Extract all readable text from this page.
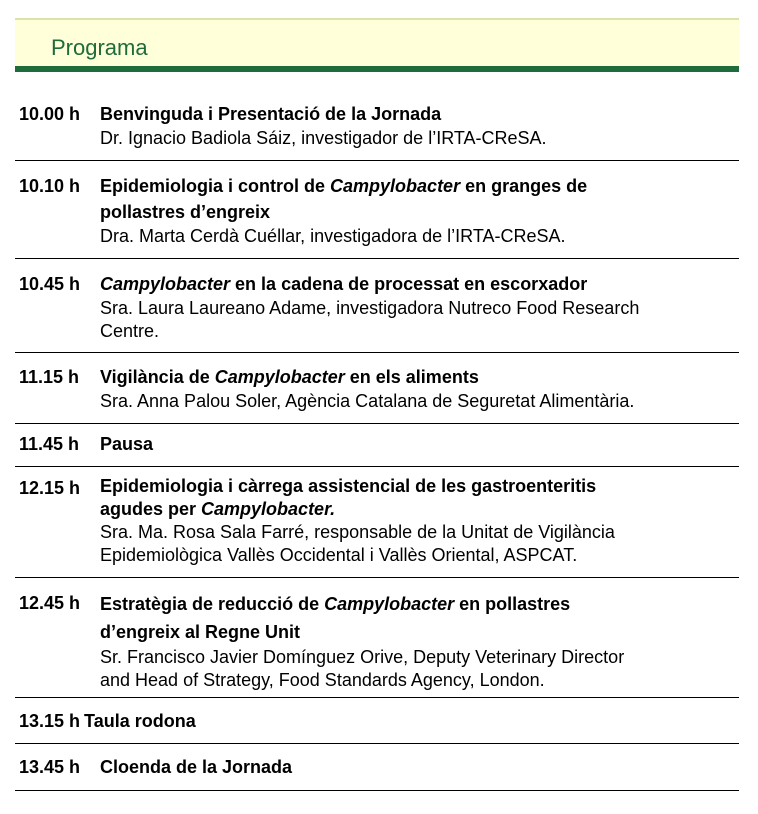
Programa
10.00 h Benvinguda i Presentació de la Jornada
Dr. Ignacio Badiola Sáiz, investigador de l’IRTA-CReSA.
10.10 h Epidemiologia i control de Campylobacter en granges de
pollastres d’engreix
Dra. Marta Cerdà Cuéllar, investigadora de l’IRTA-CReSA.
10.45 h Campylobacter en la cadena de processat en escorxador
Sra. Laura Laureano Adame, investigadora Nutreco Food Research
Centre.
11.15 h Vigilància de Campylobacter en els aliments
Sra. Anna Palou Soler, Agència Catalana de Seguretat Alimentària.
11.45 h Pausa
12.15 h Epidemiologia i càrrega assistencial de les gastroenteritis
agudes per Campylobacter.
Sra. Ma. Rosa Sala Farré, responsable de la Unitat de Vigilància
Epidemiològica Vallès Occidental i Vallès Oriental, ASPCAT.
12.45 h Estratègia de reducció de Campylobacter en pollastres
d’engreix al Regne Unit
Sr. Francisco Javier Domínguez Orive, Deputy Veterinary Director
and Head of Strategy, Food Standards Agency, London.
13.15 h Taula rodona
13.45 h Cloenda de la Jornada
